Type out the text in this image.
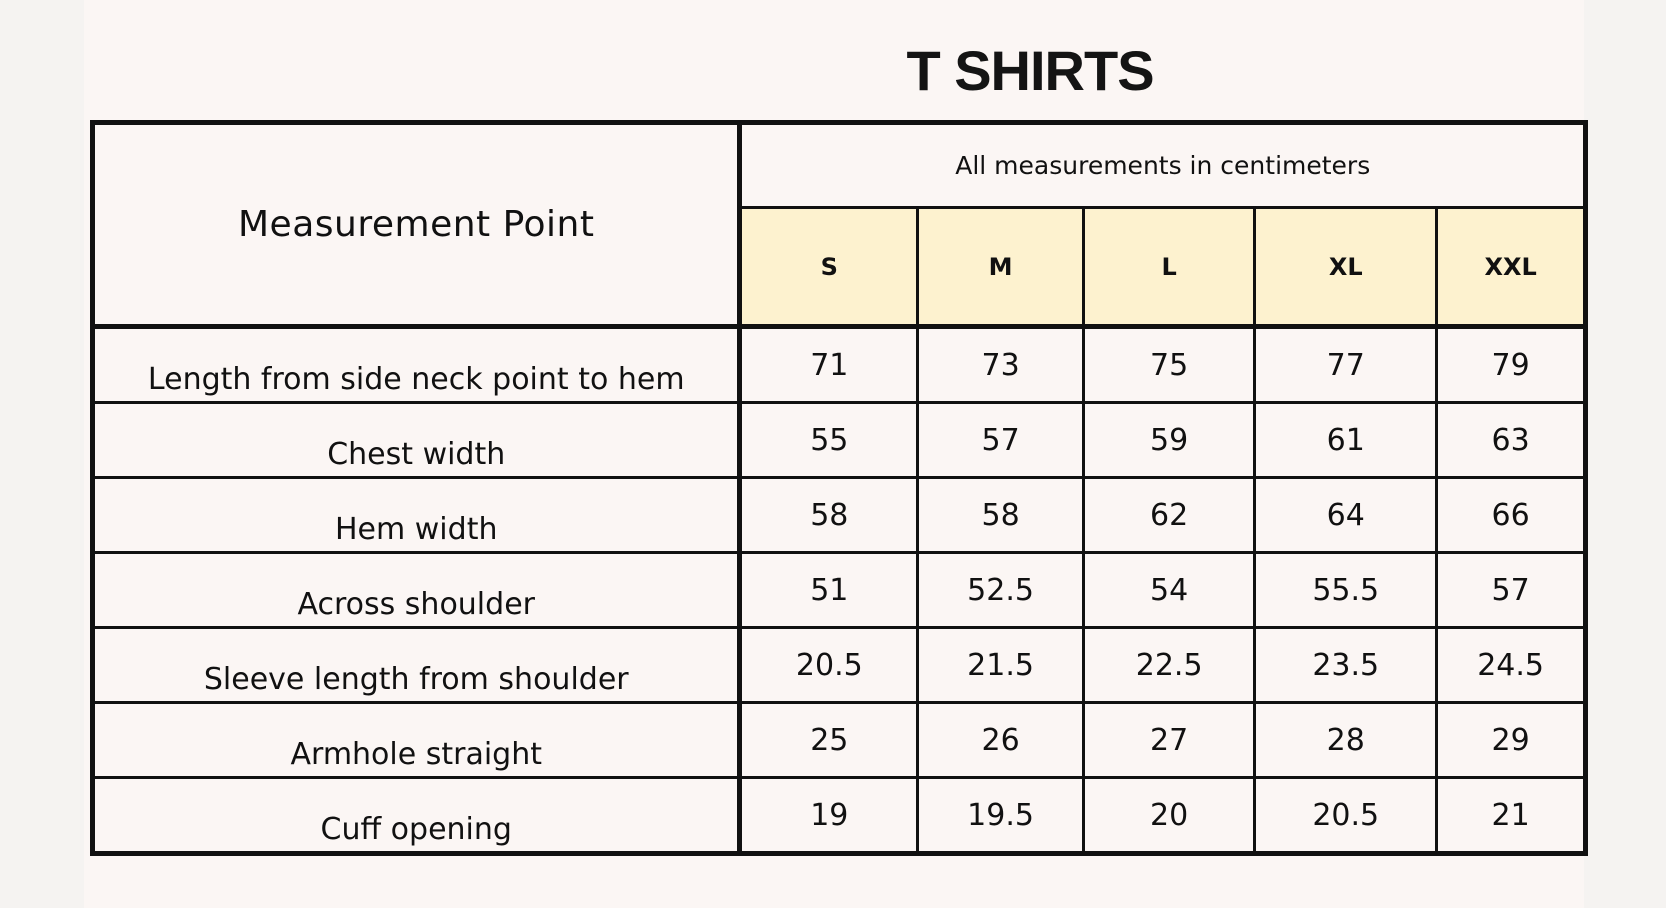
T SHIRTS
Measurement Point	All measurements in centimeters				
	S	M	L	XL	XXL
Length from side neck point to hem	71	73	75	77	79
Chest width	55	57	59	61	63
Hem width	58	58	62	64	66
Across shoulder	51	52.5	54	55.5	57
Sleeve length from shoulder	20.5	21.5	22.5	23.5	24.5
Armhole straight	25	26	27	28	29
Cuff opening	19	19.5	20	20.5	21
